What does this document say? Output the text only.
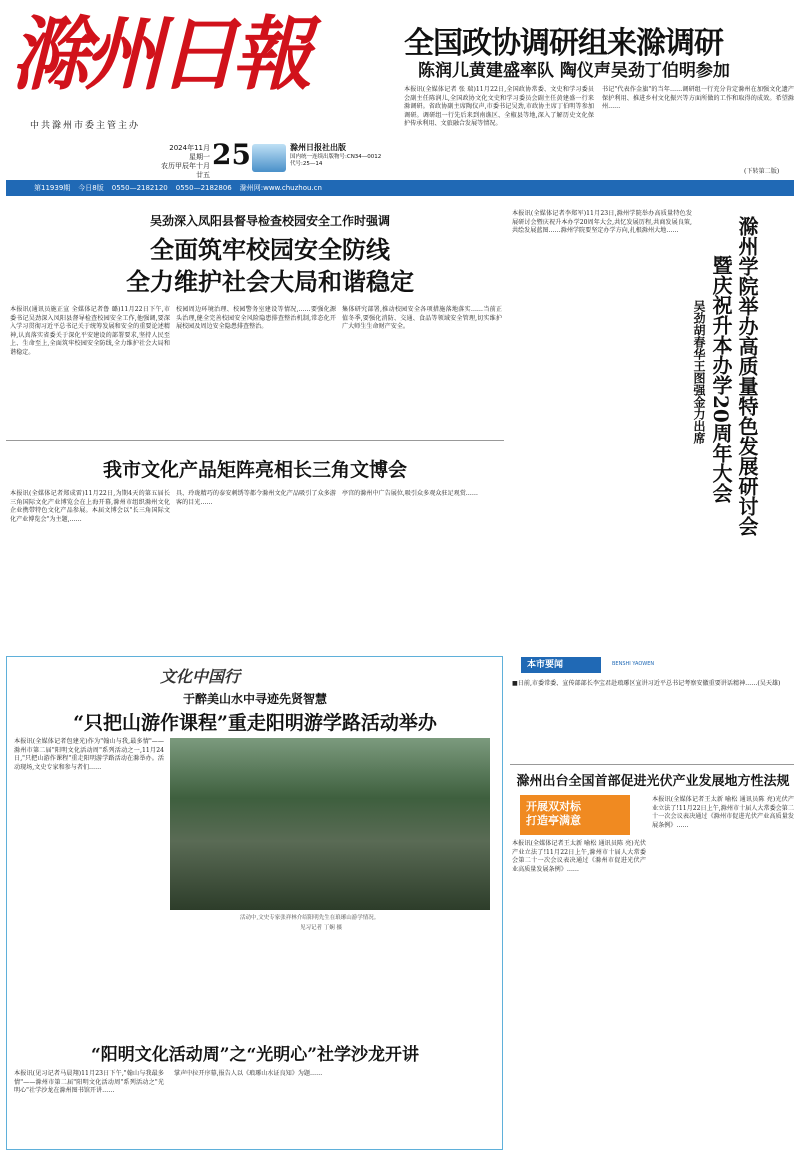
滁州日報
中共滁州市委主管主办
2024年11月
星期一
农历甲辰年十月廿五
25	滁州日报社出版
国内统一连续出版物号:CN34—0012
代号:25—14
第11939期 今日8版 0550—2182120 0550—2182806 滁州网:www.chuzhou.cn
全国政协调研组来滁调研
陈润儿黄建盛率队 陶仪声吴劲丁伯明参加
本报讯(全媒体记者 张 瑞)11月22日,全国政协常委、文史和学习委员会副主任陈润儿,全国政协文化文史和学习委员会副主任黄建盛一行来滁调研。省政协副主席陶仪声,市委书记吴劲,市政协主席丁伯明等参加调研。调研组一行先后来到南谯区、全椒县等地,深入了解历史文化保护传承利用、文旅融合发展等情况。
书记"代表作金旗"的当年……调研组一行充分肯定滁州在加强文化遗产保护利用、推进乡村文化振兴等方面所做的工作和取得的成效。希望滁州……
(下转第二版)
吴劲深入凤阳县督导检查校园安全工作时强调
全面筑牢校园安全防线
全力维护社会大局和谐稳定
本报讯(通讯员施正宣 全媒体记者鲁 璐)11月22日下午,市委书记吴劲深入凤阳县督导检查校园安全工作,他强调,要深入学习贯彻习近平总书记关于统筹发展和安全的重要论述精神,认真落实省委关于深化平安建设的部署要求,坚持人民至上、生命至上,全面筑牢校园安全防线,全力维护社会大局和谐稳定。
校园周边环境治理、校园警务室建设等情况,……要强化源头治理,健全完善校园安全风险隐患排查整治机制,常态化开展校园及周边安全隐患排查整治。
集体研究部署,推动校园安全各项措施落地落实……当前正值冬季,要强化消防、交通、食品等领域安全管理,切实维护广大师生生命财产安全。
我市文化产品矩阵亮相长三角文博会
本报讯(全媒体记者郑成雷)11月22日,为期4天的第五届长三角国际文化产业博览会在上海开幕,滁州市组织滁州文化企业携带特色文化产品参展。本届文博会以"长三角国际文化产业博览会"为主题,……
具、玲珑精巧的泰安刺绣等都令滁州文化产品吸引了众多游客的目光……
亭宫的滁州中广告展位,吸引众多观众驻足观赏……
文化中国行
于醉美山水中寻迹先贤智慧
“只把山游作课程”重走阳明游学路活动举办
本报讯(全媒体记者包建光)作为"翰山与我,最多情"——滁州市第二届"阳明文化活动周"系列活动之一,11月24日,"只把山游作课程"重走阳明游学路活动在滁举办。活动现场,文史专家和参与者们……
活动中,文史专家张祥林介绍阳明先生在琅琊山游学情况。
见习记者 丁娴 摄
“阳明文化活动周”之“光明心”社学沙龙开讲
本报讯(见习记者马晨翔)11月23日下午,"翰山与我最多情"——滁州市第二届"阳明文化活动周"系列活动之"光明心"社学沙龙在滁州图书馆开讲……
掌声中拉开序幕,报告人以《琅琊山水证良知》为题……
本报讯(全媒体记者李郑军)11月23日,滁州学院举办高质量特色发展研讨会暨庆祝升本办学20周年大会,共忆发展历程,共商发展良策,共绘发展蓝图……滁州学院要坚定办学方向,扎根滁州大地……	滁州学院举办高质量特色发展研讨会
暨庆祝升本办学20周年大会
吴劲胡春华王图强金力出席
本市要闻	BENSHI YAOWEN
■日前,市委常委、宣传部部长李宝君赴琅琊区宣讲习近平总书记考察安徽重要讲话精神……(吴天雄)
滁州出台全国首部促进光伏产业发展地方性法规
开展双对标
打造亭满意
本报讯(全媒体记者王太新 喻松 通讯员陈 亮)光伏产业立法了!11月22日上午,滁州市十届人大常委会第二十一次会议表决通过《滁州市促进光伏产业高质量发展条例》……
本报讯(全媒体记者王太新 喻松 通讯员陈 亮)光伏产业立法了!11月22日上午,滁州市十届人大常委会第二十一次会议表决通过《滁州市促进光伏产业高质量发展条例》……
